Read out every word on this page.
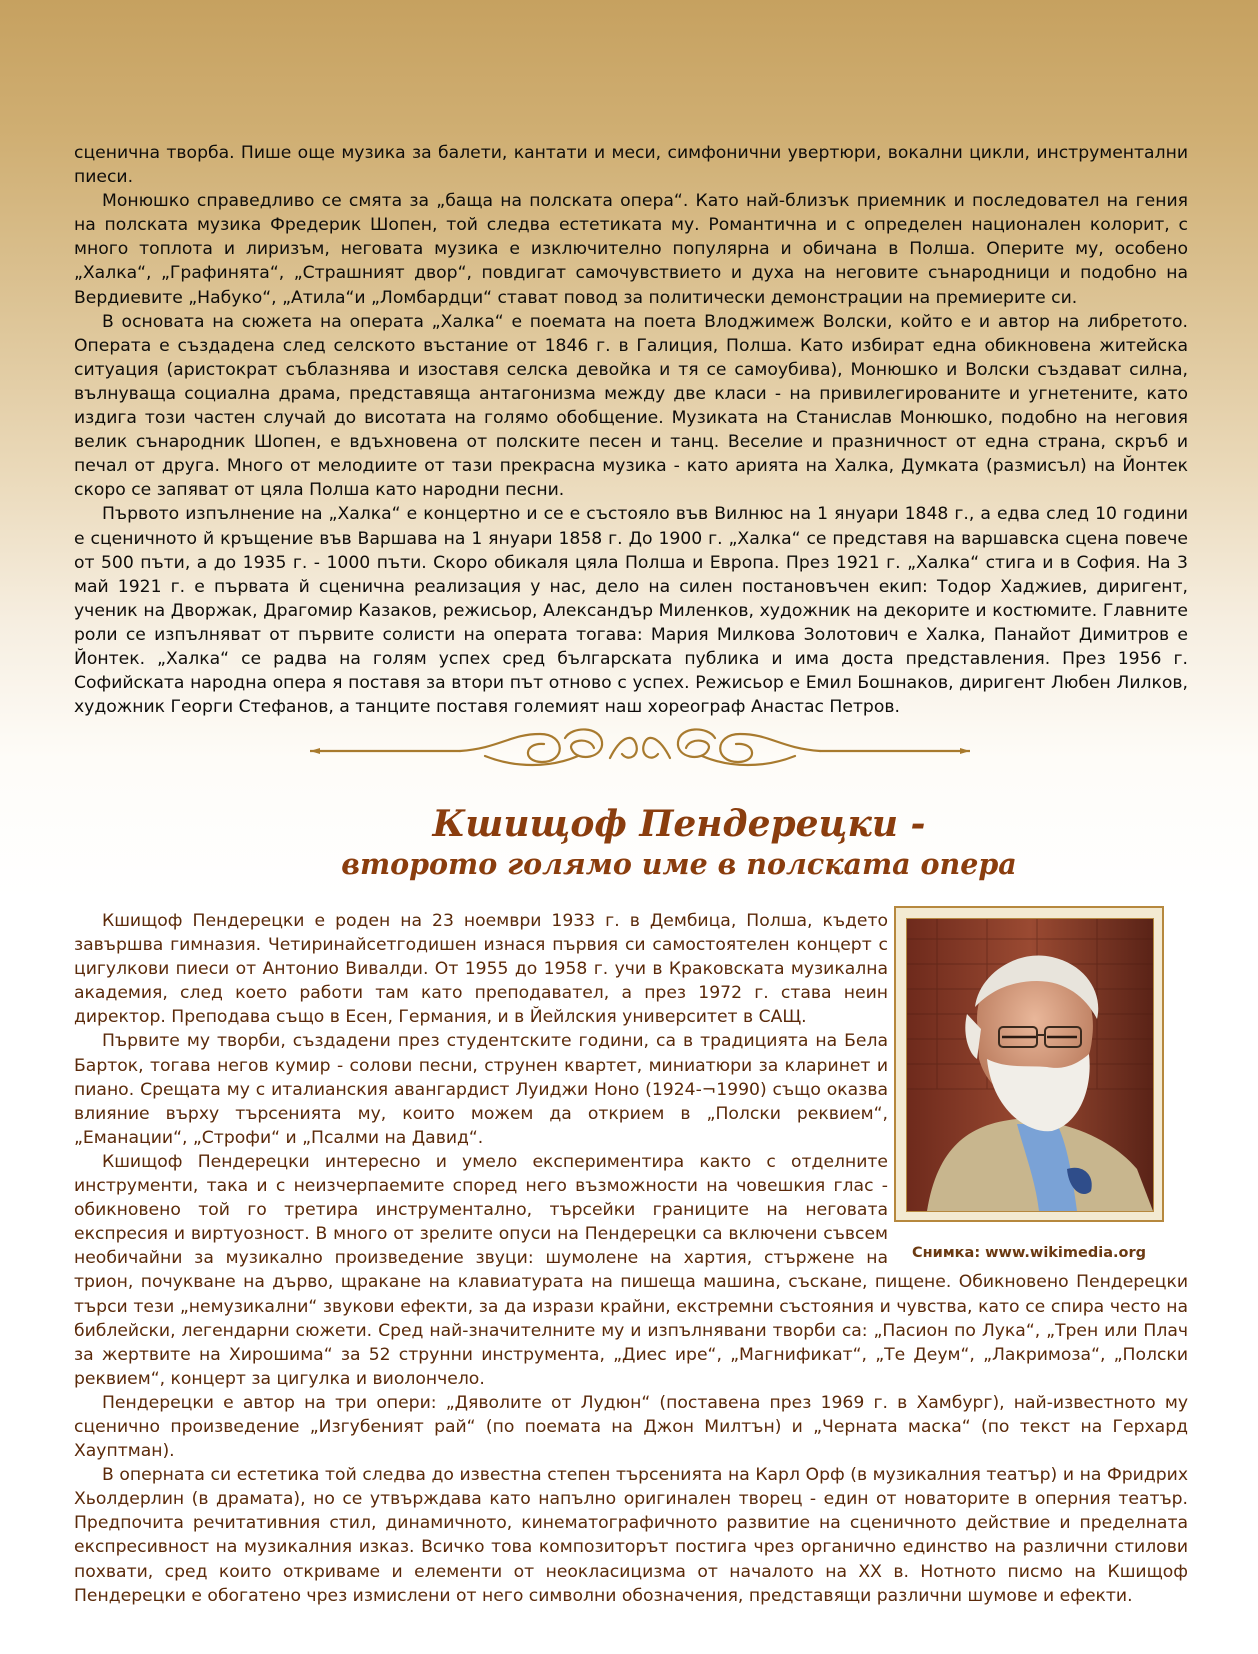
сценична творба. Пише още музика за балети, кантати и меси, симфонични увертюри, вокални цикли, инструментални пиеси.

Монюшко справедливо се смята за „баща на полската опера“. Като най-близък приемник и последовател на гения на полската музика Фредерик Шопен, той следва естетиката му. Романтична и с определен национален колорит, с много топлота и лиризъм, неговата музика е изключително популярна и обичана в Полша. Оперите му, особено „Халка“, „Графинята“, „Страшният двор“, повдигат самочувствието и духа на неговите сънародници и подобно на Вердиевите „Набуко“, „Атила“и „Ломбардци“ стават повод за политически демонстрации на премиерите си.

В основата на сюжета на операта „Халка“ е поемата на поета Влоджимеж Волски, който е и автор на либретото. Операта е създадена след селското въстание от 1846 г. в Галиция, Полша. Като избират една обикновена житейска ситуация (аристократ съблазнява и изоставя селска девойка и тя се самоубива), Монюшко и Волски създават силна, вълнуваща социална драма, представяща антагонизма между две класи - на привилегированите и угнетените, като издига този частен случай до висотата на голямо обобщение. Музиката на Станислав Монюшко, подобно на неговия велик сънародник Шопен, е вдъхновена от полските песен и танц. Веселие и празничност от една страна, скръб и печал от друга. Много от мелодиите от тази прекрасна музика - като арията на Халка, Думката (размисъл) на Йонтек скоро се запяват от цяла Полша като народни песни.

Първото изпълнение на „Халка“ е концертно и се е състояло във Вилнюс на 1 януари 1848 г., а едва след 10 години е сценичното й кръщение във Варшава на 1 януари 1858 г. До 1900 г. „Халка“ се представя на варшавска сцена повече от 500 пъти, а до 1935 г. - 1000 пъти. Скоро обикаля цяла Полша и Европа. През 1921 г. „Халка“ стига и в София. На 3 май 1921 г. е първата й сценична реализация у нас, дело на силен постановъчен екип: Тодор Хаджиев, диригент, ученик на Дворжак, Драгомир Казаков, режисьор, Александър Миленков, художник на декорите и костюмите. Главните роли се изпълняват от първите солисти на операта тогава: Мария Милкова Золотович е Халка, Панайот Димитров е Йонтек. „Халка“ се радва на голям успех сред българската публика и има доста представления. През 1956 г. Софийската народна опера я поставя за втори път отново с успех. Режисьор е Емил Бошнаков, диригент Любен Лилков, художник Георги Стефанов, а танците поставя големият наш хореограф Анастас Петров.

Кшищоф Пендерецки -
второто голямо име в полската опера
Снимка: www.wikimedia.org

Кшищоф Пендерецки е роден на 23 ноември 1933 г. в Дембица, Полша, където завършва гимназия. Четиринайсетгодишен изнася първия си самостоятелен концерт с цигулкови пиеси от Антонио Вивалди. От 1955 до 1958 г. учи в Краковската музикална академия, след което работи там като преподавател, а през 1972 г. става неин директор. Преподава също в Есен, Германия, и в Йейлския университет в САЩ.

Първите му творби, създадени през студентските години, са в традицията на Бела Барток, тогава негов кумир - солови песни, струнен квартет, миниатюри за кларинет и пиано. Срещата му с италианския авангардист Луиджи Ноно (1924-¬1990) също оказва влияние върху търсенията му, които можем да открием в „Полски реквием“, „Еманации“, „Строфи“ и „Псалми на Давид“.

Кшищоф Пендерецки интересно и умело експериментира както с отделните инструменти, така и с неизчерпаемите според него възможности на човешкия глас - обикновено той го третира инструментално, търсейки границите на неговата експресия и виртуозност. В много от зрелите опуси на Пендерецки са включени съвсем необичайни за музикално произведение звуци: шумолене на хартия, стържене на трион, почукване на дърво, щракане на клавиатурата на пишеща машина, съскане, пищене. Обикновено Пендерецки търси тези „немузикални“ звукови ефекти, за да изрази крайни, екстремни състояния и чувства, като се спира често на библейски, легендарни сюжети. Сред най-значителните му и изпълнявани творби са: „Пасион по Лука“, „Трен или Плач за жертвите на Хирошима“ за 52 струнни инструмента, „Диес ире“, „Магнификат“, „Те Деум“, „Лакримоза“, „Полски реквием“, концерт за цигулка и виолончело.

Пендерецки е автор на три опери: „Дяволите от Лудюн“ (поставена през 1969 г. в Хамбург), най-известното му сценично произведение „Изгубеният рай“ (по поемата на Джон Милтън) и „Черната маска“ (по текст на Герхард Хауптман).

В оперната си естетика той следва до известна степен търсенията на Карл Орф (в музикалния театър) и на Фридрих Хьолдерлин (в драмата), но се утвърждава като напълно оригинален творец - един от новаторите в оперния театър. Предпочита речитативния стил, динамичното, кинематографичното развитие на сценичното действие и пределната експресивност на музикалния изказ. Всичко това композиторът постига чрез органично единство на различни стилови похвати, сред които откриваме и елементи от неокласицизма от началото на XX в. Нотното писмо на Кшищоф Пендерецки е обогатено чрез измислени от него символни обозначения, представящи различни шумове и ефекти.
